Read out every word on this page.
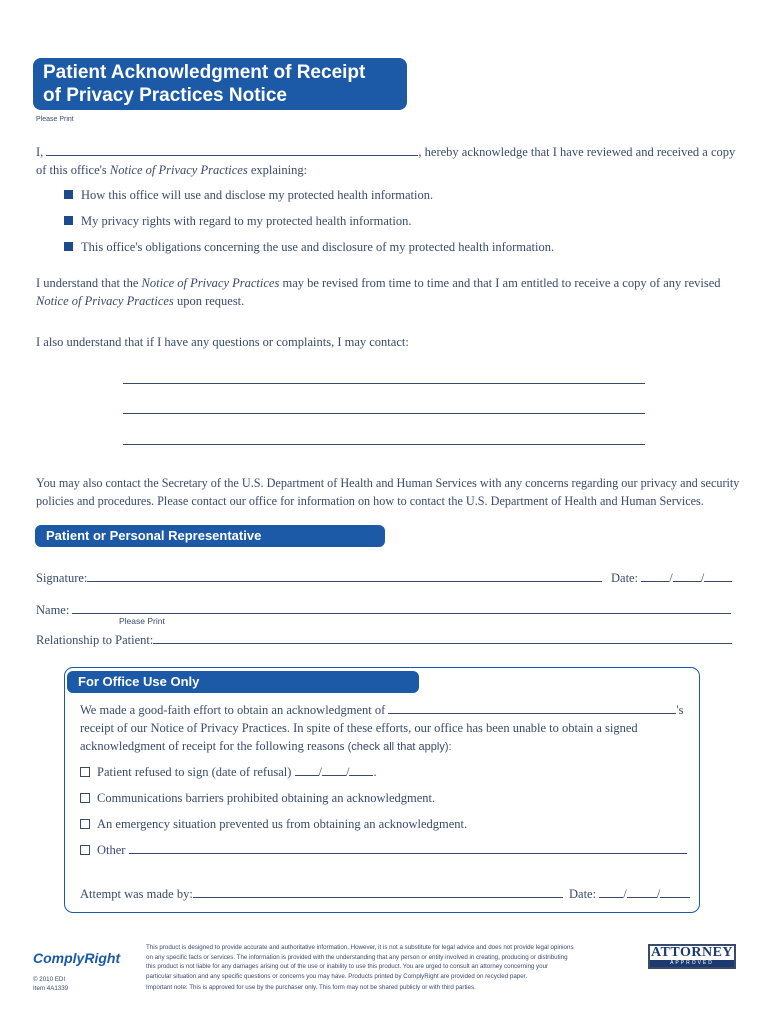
Patient Acknowledgment of Receipt
of Privacy Practices Notice
Please Print
I,	, hereby acknowledge that I have reviewed and received a copy
of this office's Notice of Privacy Practices explaining:
How this office will use and disclose my protected health information.
My privacy rights with regard to my protected health information.
This office's obligations concerning the use and disclosure of my protected health information.
I understand that the Notice of Privacy Practices may be revised from time to time and that I am entitled to receive a copy of any revised
Notice of Privacy Practices upon request.
I also understand that if I have any questions or complaints, I may contact:
You may also contact the Secretary of the U.S. Department of Health and Human Services with any concerns regarding our privacy and security
policies and procedures. Please contact our office for information on how to contact the U.S. Department of Health and Human Services.
Patient or Personal Representative
Signature:	Date: / /
Name:
Please Print
Relationship to Patient:
For Office Use Only
We made a good-faith effort to obtain an acknowledgment of	's
receipt of our Notice of Privacy Practices. In spite of these efforts, our office has been unable to obtain a signed
acknowledgment of receipt for the following reasons (check all that apply):
Patient refused to sign (date of refusal) / / .
Communications barriers prohibited obtaining an acknowledgment.
An emergency situation prevented us from obtaining an acknowledgment.
Other
Attempt was made by:	Date: / /
ComplyRight
© 2010 EDI
Item 4A1339
This product is designed to provide accurate and authoritative information. However, it is not a substitute for legal advice and does not provide legal opinions
on any specific facts or services. The information is provided with the understanding that any person or entity involved in creating, producing or distributing
this product is not liable for any damages arising out of the use or inability to use this product. You are urged to consult an attorney concerning your
particular situation and any specific questions or concerns you may have. Products printed by ComplyRight are provided on recycled paper.
Important note: This is approved for use by the purchaser only. This form may not be shared publicly or with third parties.
ATTORNEY
APPROVED
